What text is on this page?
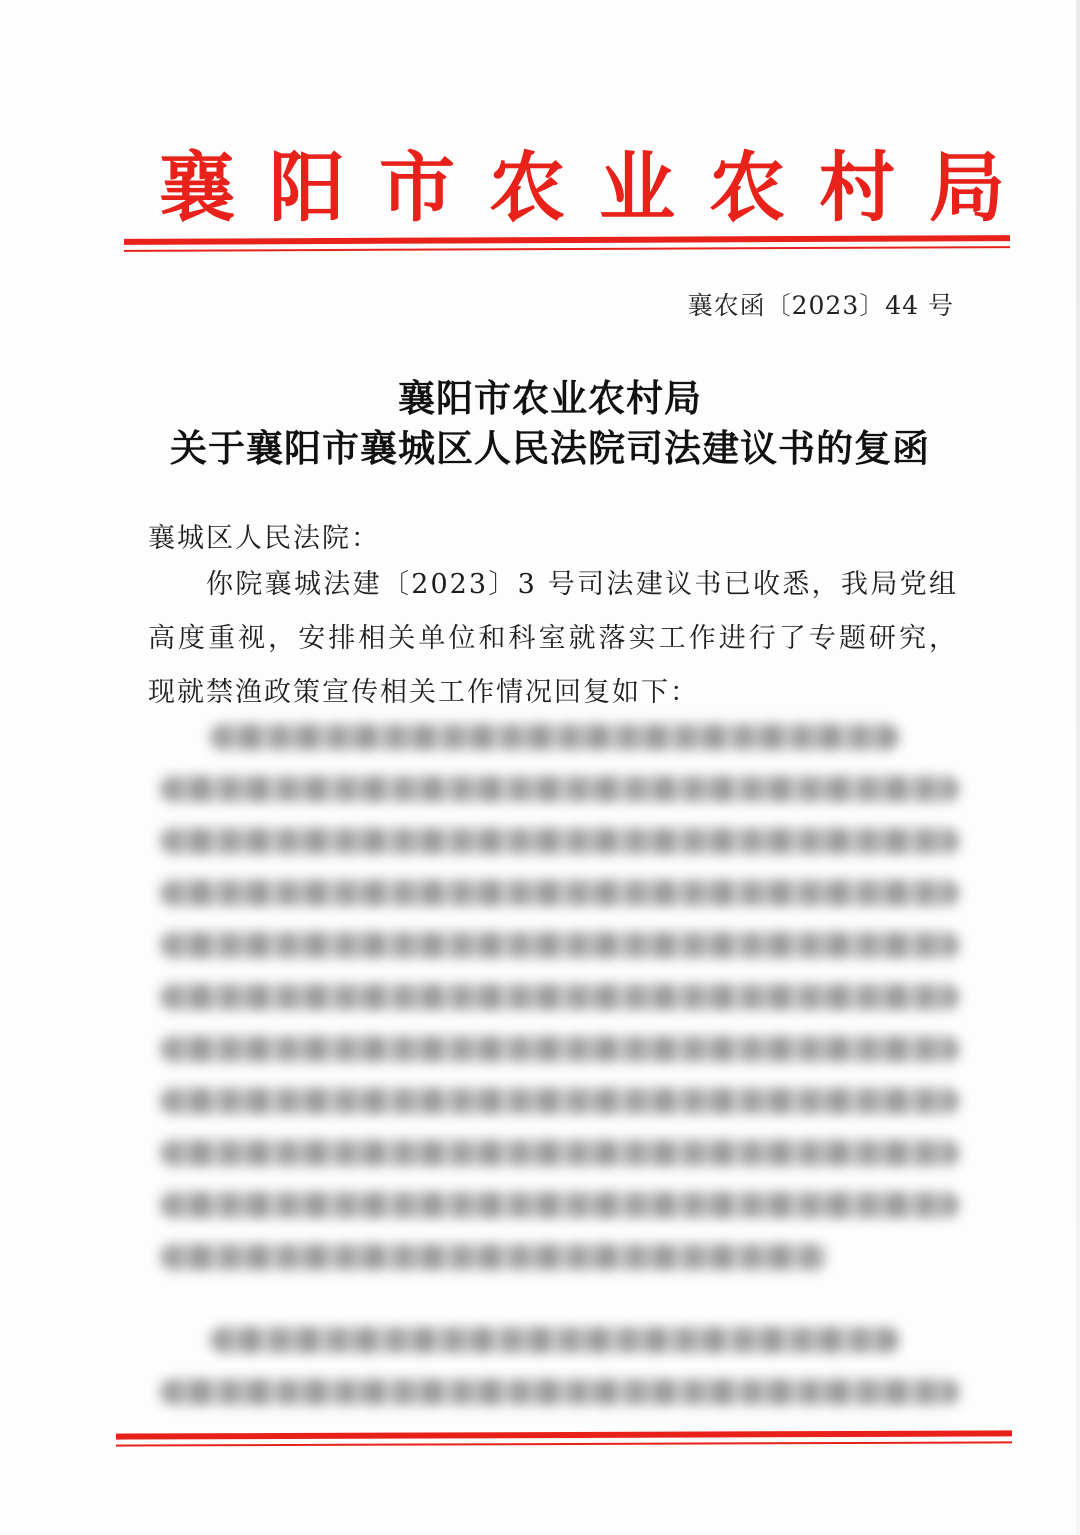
襄阳市农业农村局
襄农函〔2023〕44 号
襄阳市农业农村局
关于襄阳市襄城区人民法院司法建议书的复函
襄城区人民法院：
你院襄城法建〔2023〕3 号司法建议书已收悉，我局党组高度重视，安排相关单位和科室就落实工作进行了专题研究，现就禁渔政策宣传相关工作情况回复如下：
